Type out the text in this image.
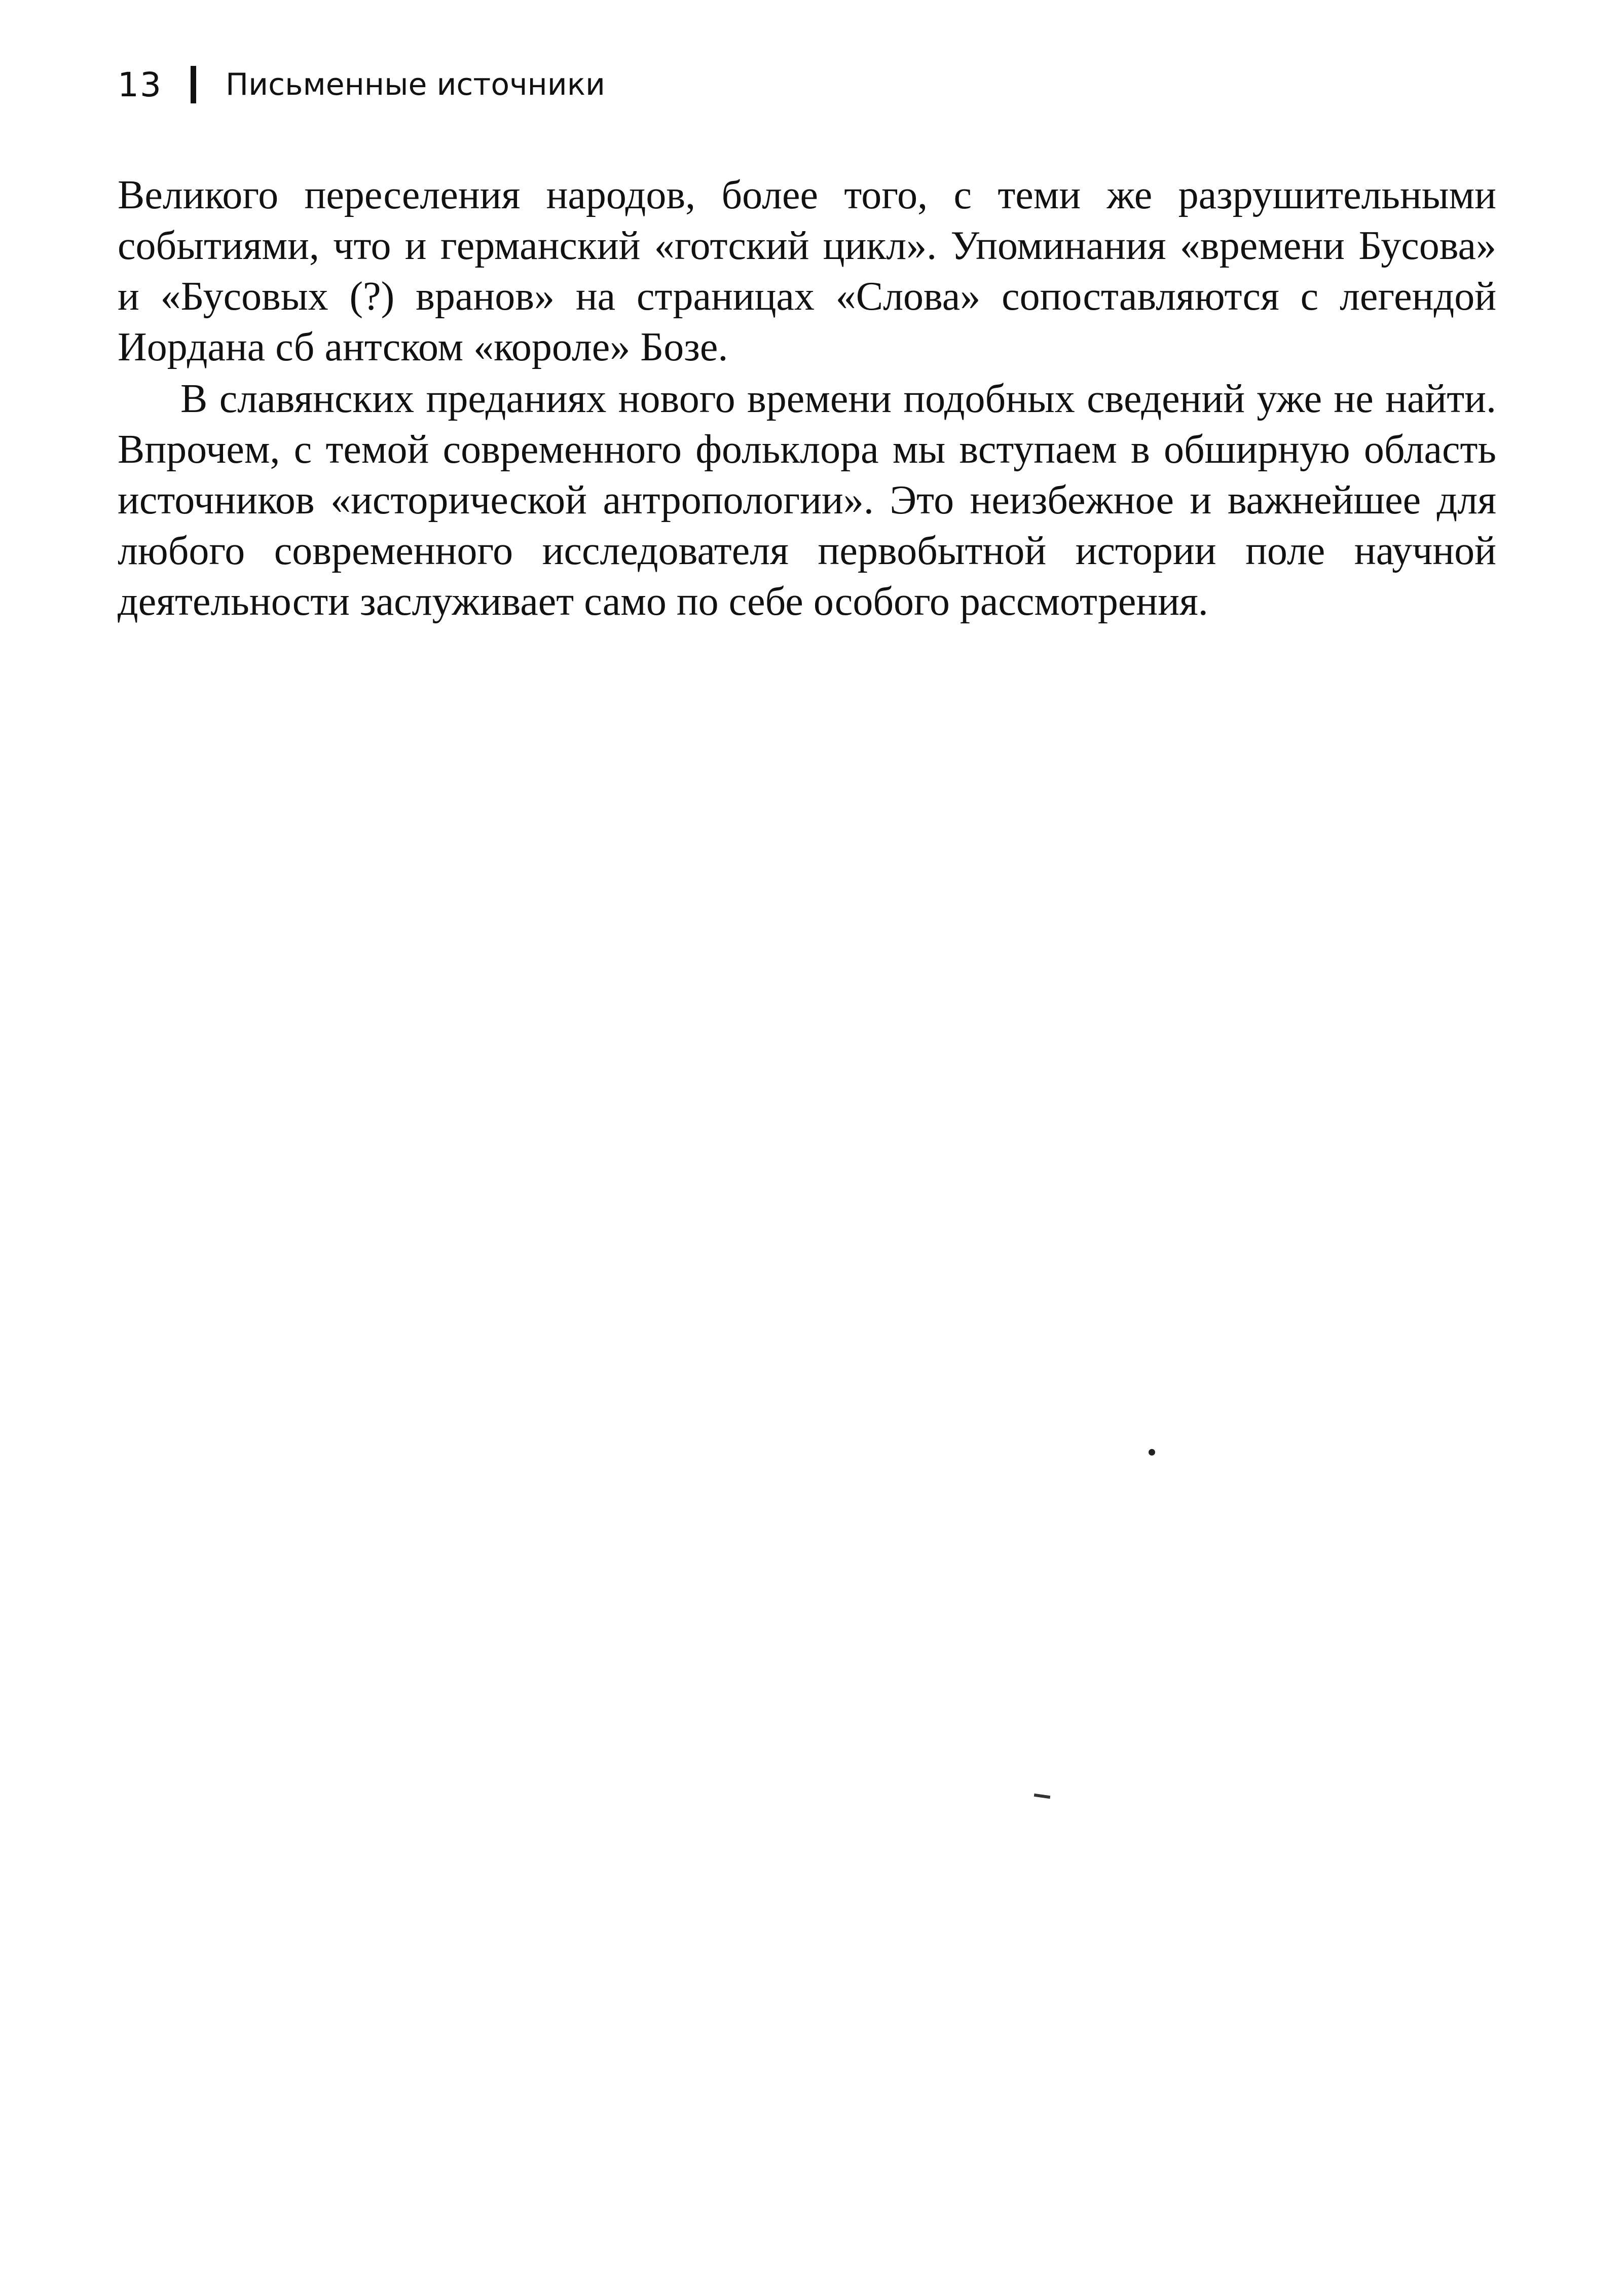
13 Письменные источники

Великого переселения народов, более того, с теми же разрушительными событиями, что и германский «готский цикл». Упоминания «времени Бусова» и «Бусовых (?) вранов» на страницах «Слова» сопоставляются с легендой Иордана сб антском «короле» Бозе.

В славянских преданиях нового времени подобных сведений уже не найти. Впрочем, с темой современного фольклора мы вступаем в обширную область источников «исторической антропологии». Это неизбежное и важнейшее для любого современного исследователя первобытной истории поле научной деятельности заслуживает само по себе особого рассмотрения.
